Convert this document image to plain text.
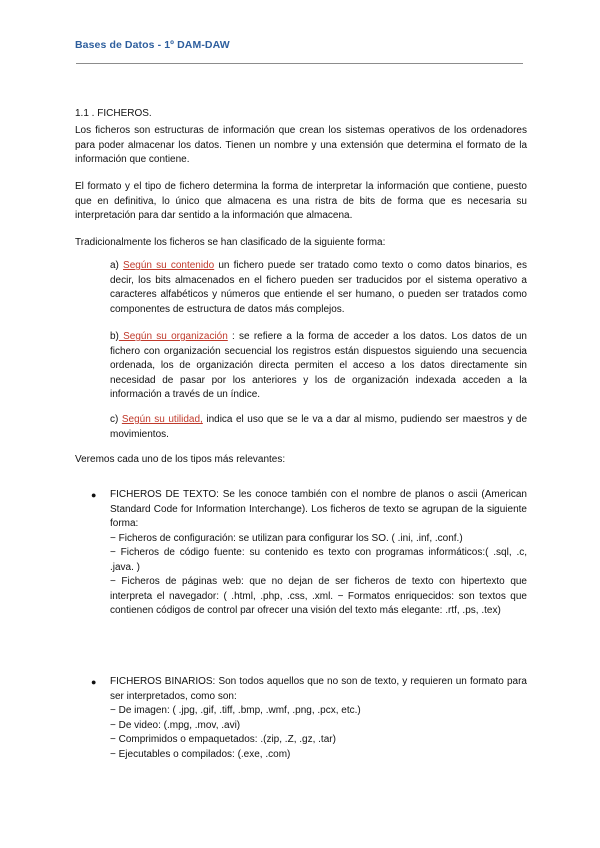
Bases de Datos - 1º DAM-DAW
1.1 . FICHEROS.
Los ficheros son estructuras de información que crean los sistemas operativos de los ordenadores para poder almacenar los datos. Tienen un nombre y una extensión que determina el formato de la información que contiene.
El formato y el tipo de fichero determina la forma de interpretar la información que contiene, puesto que en definitiva, lo único que almacena es una ristra de bits de forma que es necesaria su interpretación para dar sentido a la información que almacena.
Tradicionalmente los ficheros se han clasificado de la siguiente forma:
a) Según su contenido un fichero puede ser tratado como texto o como datos binarios, es decir, los bits almacenados en el fichero pueden ser traducidos por el sistema operativo a caracteres alfabéticos y números que entiende el ser humano, o pueden ser tratados como componentes de estructura de datos más complejos.
b) Según su organización : se refiere a la forma de acceder a los datos. Los datos de un fichero con organización secuencial los registros están dispuestos siguiendo una secuencia ordenada, los de organización directa permiten el acceso a los datos directamente sin necesidad de pasar por los anteriores y los de organización indexada acceden a la información a través de un índice.
c) Según su utilidad, indica el uso que se le va a dar al mismo, pudiendo ser maestros y de movimientos.
Veremos cada uno de los tipos más relevantes:
● FICHEROS DE TEXTO: Se les conoce también con el nombre de planos o ascii (American Standard Code for Information Interchange). Los ficheros de texto se agrupan de la siguiente forma:
− Ficheros de configuración: se utilizan para configurar los SO. ( .ini, .inf, .conf.)
− Ficheros de código fuente: su contenido es texto con programas informáticos:( .sql, .c, .java. )
− Ficheros de páginas web: que no dejan de ser ficheros de texto con hipertexto que interpreta el navegador: ( .html, .php, .css, .xml. − Formatos enriquecidos: son textos que contienen códigos de control par ofrecer una visión del texto más elegante: .rtf, .ps, .tex)
● FICHEROS BINARIOS: Son todos aquellos que no son de texto, y requieren un formato para ser interpretados, como son:
− De imagen: ( .jpg, .gif, .tiff, .bmp, .wmf, .png, .pcx, etc.)
− De video: (.mpg, .mov, .avi)
− Comprimidos o empaquetados: .(zip, .Z, .gz, .tar)
− Ejecutables o compilados: (.exe, .com)
